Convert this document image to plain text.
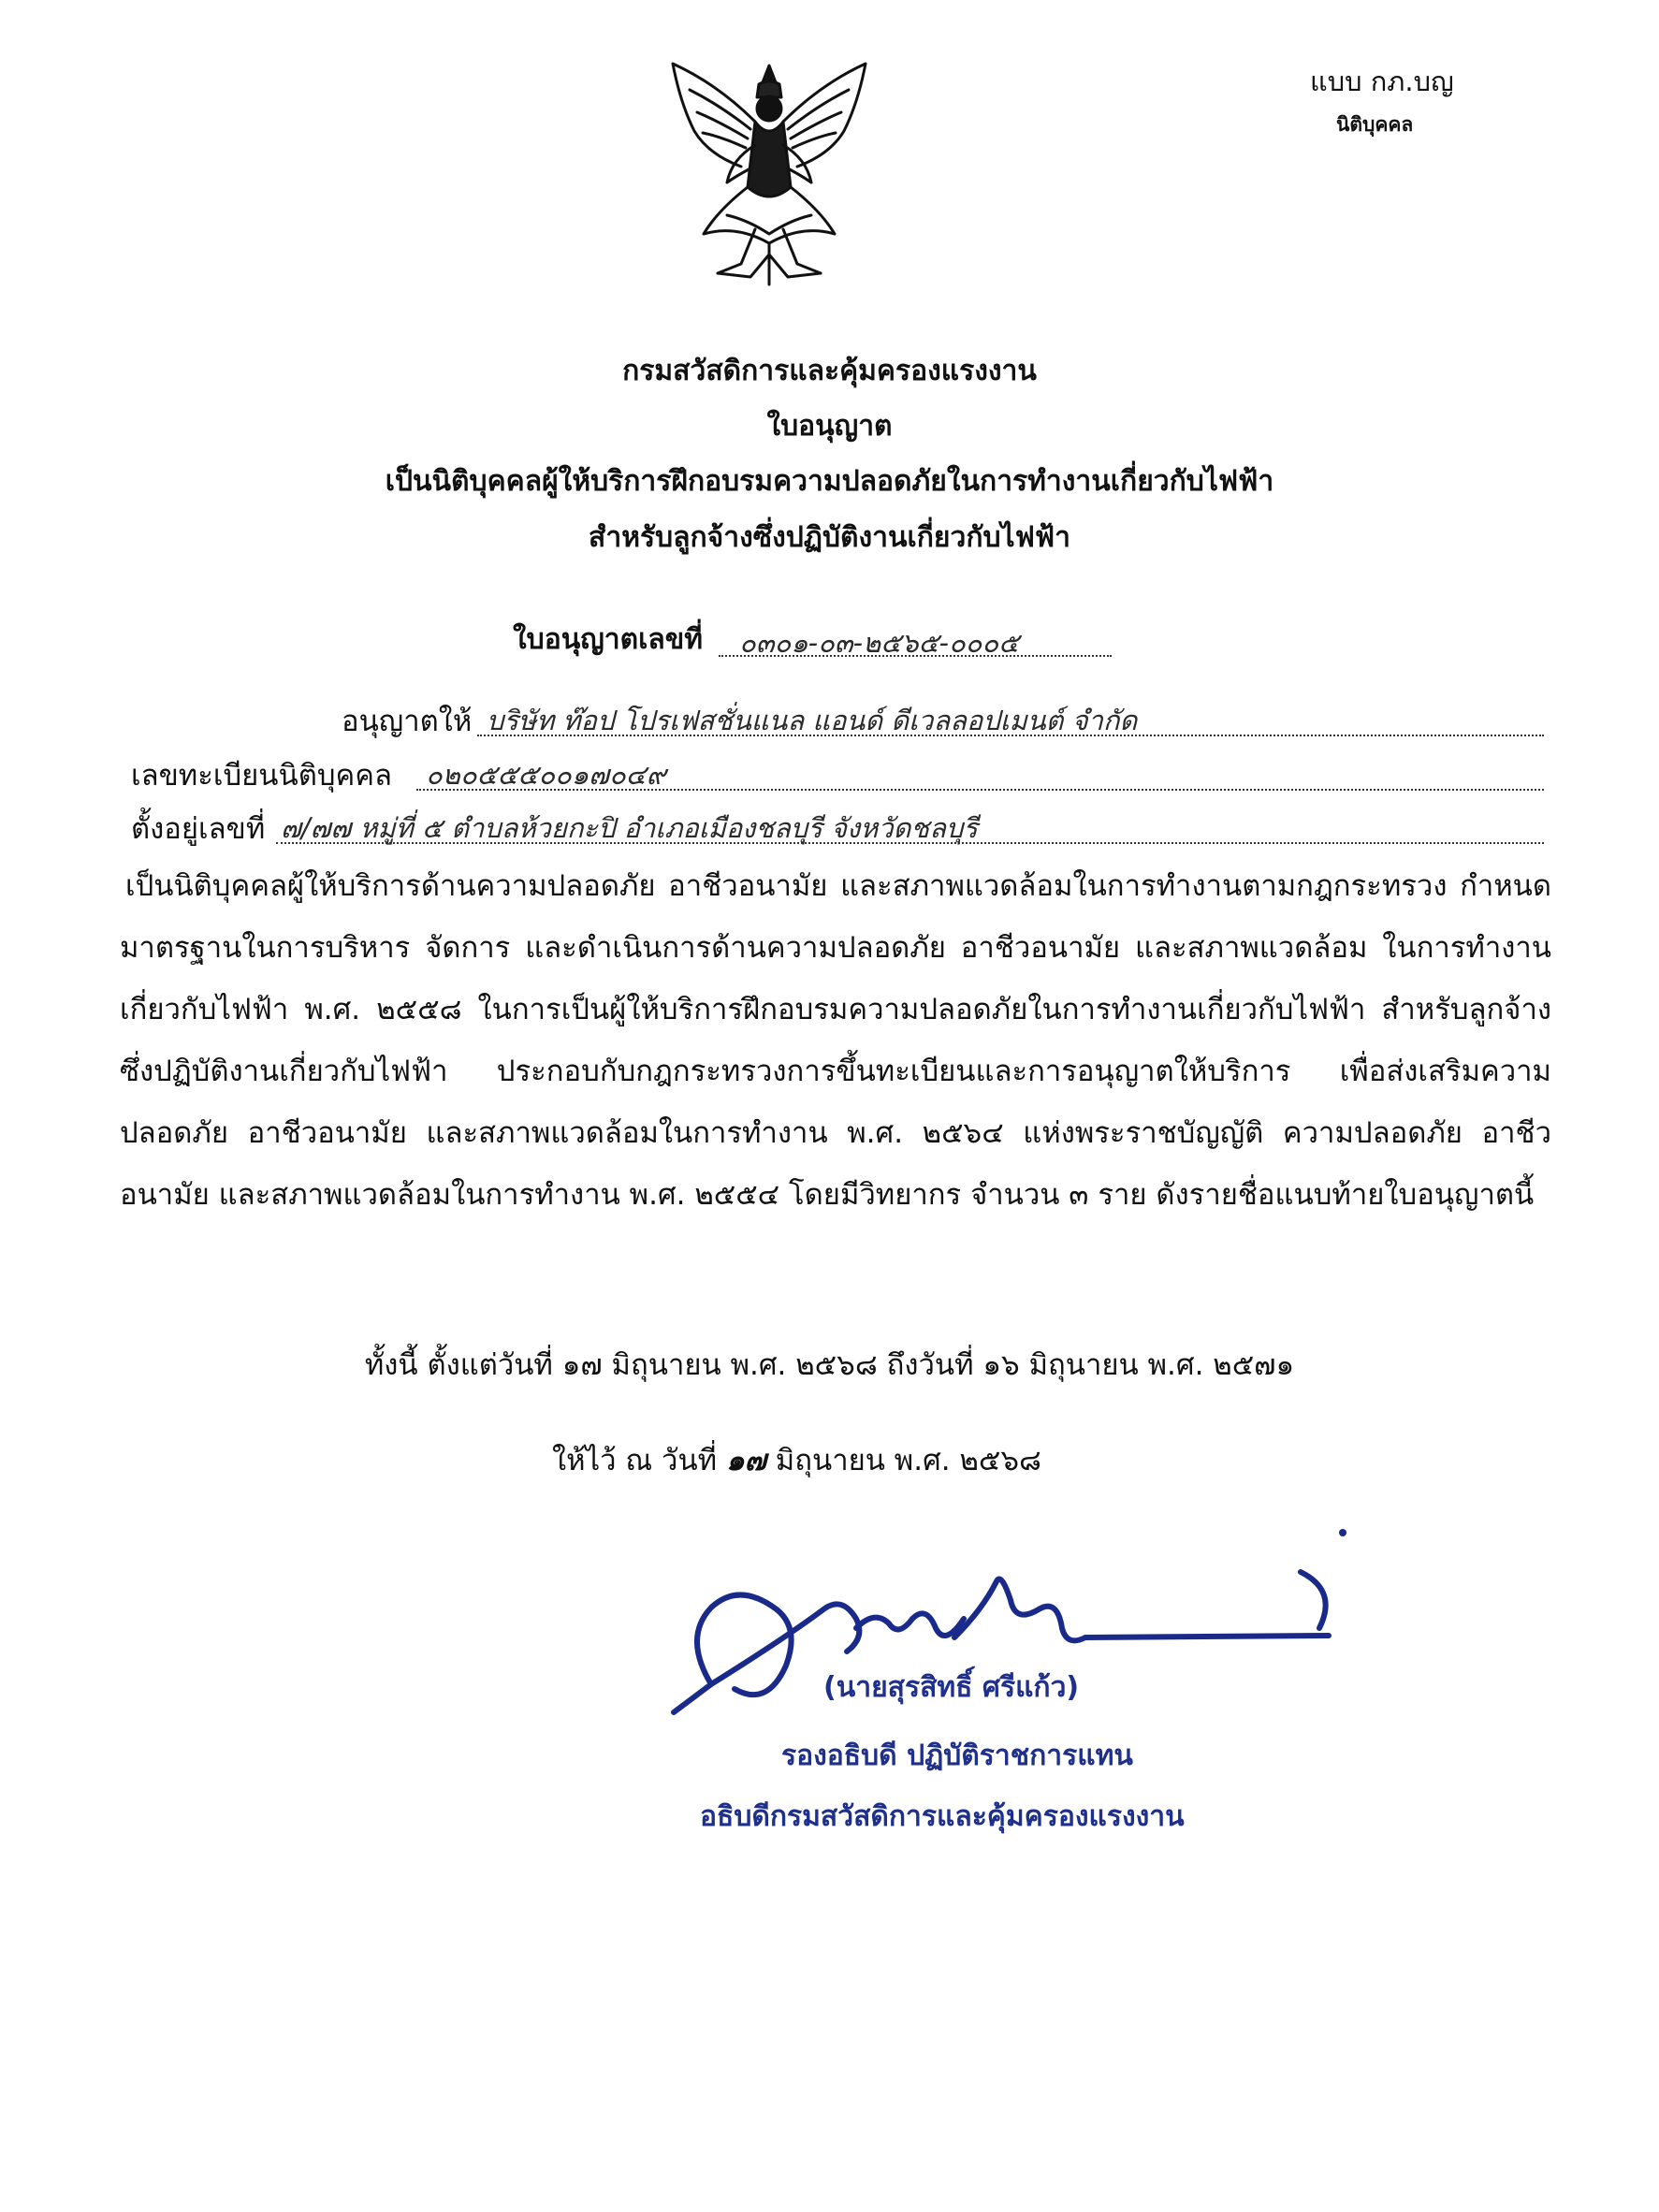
แบบ กภ.บญ
นิติบุคคล
กรมสวัสดิการและคุ้มครองแรงงาน
ใบอนุญาต
เป็นนิติบุคคลผู้ให้บริการฝึกอบรมความปลอดภัยในการทำงานเกี่ยวกับไฟฟ้า
สำหรับลูกจ้างซึ่งปฏิบัติงานเกี่ยวกับไฟฟ้า
ใบอนุญาตเลขที่ ๐๓๐๑-๐๓-๒๕๖๕-๐๐๐๕
อนุญาตให้ บริษัท ท๊อป โปรเฟสชั่นแนล แอนด์ ดีเวลลอปเมนต์ จำกัด
เลขทะเบียนนิติบุคคล ๐๒๐๕๕๕๐๐๑๗๐๔๙
ตั้งอยู่เลขที่ ๗/๗๗ หมู่ที่ ๕ ตำบลห้วยกะปิ อำเภอเมืองชลบุรี จังหวัดชลบุรี
เป็นนิติบุคคลผู้ให้บริการด้านความปลอดภัย อาชีวอนามัย และสภาพแวดล้อมในการทำงานตามกฎกระทรวง กำหนดมาตรฐานในการบริหาร จัดการ และดำเนินการด้านความปลอดภัย อาชีวอนามัย และสภาพแวดล้อม ในการทำงานเกี่ยวกับไฟฟ้า พ.ศ. ๒๕๕๘ ในการเป็นผู้ให้บริการฝึกอบรมความปลอดภัยในการทำงานเกี่ยวกับไฟฟ้า สำหรับลูกจ้างซึ่งปฏิบัติงานเกี่ยวกับไฟฟ้า ประกอบกับกฎกระทรวงการขึ้นทะเบียนและการอนุญาตให้บริการ เพื่อส่งเสริมความปลอดภัย อาชีวอนามัย และสภาพแวดล้อมในการทำงาน พ.ศ. ๒๕๖๔ แห่งพระราชบัญญัติ ความปลอดภัย อาชีวอนามัย และสภาพแวดล้อมในการทำงาน พ.ศ. ๒๕๕๔ โดยมีวิทยากร จำนวน ๓ ราย ดังรายชื่อแนบท้ายใบอนุญาตนี้
ทั้งนี้ ตั้งแต่วันที่ ๑๗ มิถุนายน พ.ศ. ๒๕๖๘ ถึงวันที่ ๑๖ มิถุนายน พ.ศ. ๒๕๗๑
ให้ไว้ ณ วันที่ ๑๗ มิถุนายน พ.ศ. ๒๕๖๘
(นายสุรสิทธิ์ ศรีแก้ว)
รองอธิบดี ปฏิบัติราชการแทน
อธิบดีกรมสวัสดิการและคุ้มครองแรงงาน
